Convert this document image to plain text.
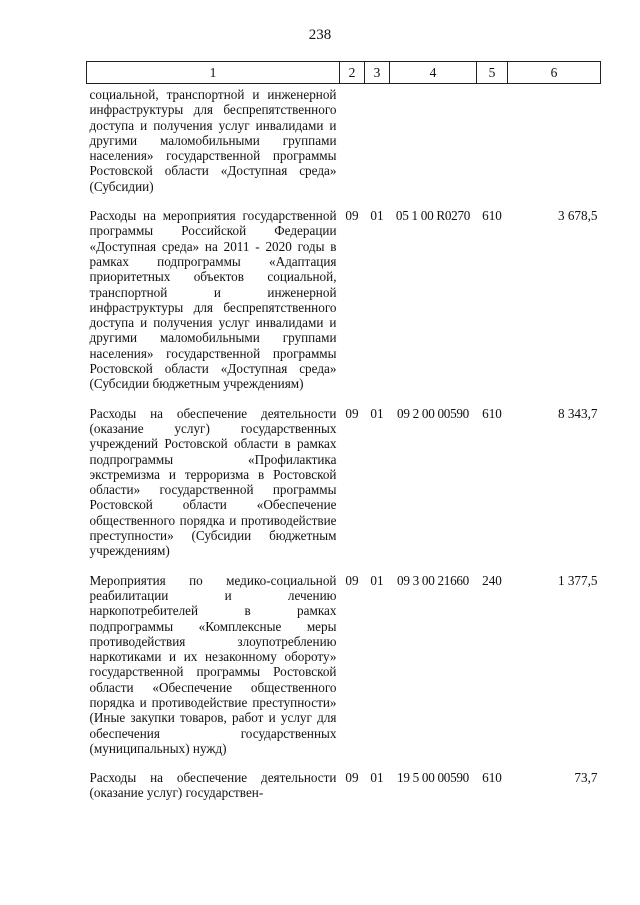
238
1	2	3	4	5	6
социальной, транспортной и инженерной инфраструктуры для беспрепятственного доступа и получения услуг инвалидами и другими маломобильными группами населения» государственной программы Ростовской области «Доступная среда» (Субсидии)					
Расходы на мероприятия государственной программы Российской Федерации «Доступная среда» на 2011 - 2020 годы в рамках подпрограммы «Адаптация приоритетных объектов социальной, транспортной и инженерной инфраструктуры для беспрепятственного доступа и получения услуг инвалидами и другими маломобильными группами населения» государственной программы Ростовской области «Доступная среда» (Субсидии бюджетным учреждениям)	09	01	05 1 00 R0270	610	3 678,5
Расходы на обеспечение деятельности (оказание услуг) государственных учреждений Ростовской области в рамках подпрограммы «Профилактика экстремизма и терроризма в Ростовской области» государственной программы Ростовской области «Обеспечение общественного порядка и противодействие преступности» (Субсидии бюджетным учреждениям)	09	01	09 2 00 00590	610	8 343,7
Мероприятия по медико-социальной реабилитации и лечению наркопотребителей в рамках подпрограммы «Комплексные меры противодействия злоупотреблению наркотиками и их незаконному обороту» государственной программы Ростовской области «Обеспечение общественного порядка и противодействие преступности» (Иные закупки товаров, работ и услуг для обеспечения государственных (муниципальных) нужд)	09	01	09 3 00 21660	240	1 377,5
Расходы на обеспечение деятельности (оказание услуг) государствен-	09	01	19 5 00 00590	610	73,7
